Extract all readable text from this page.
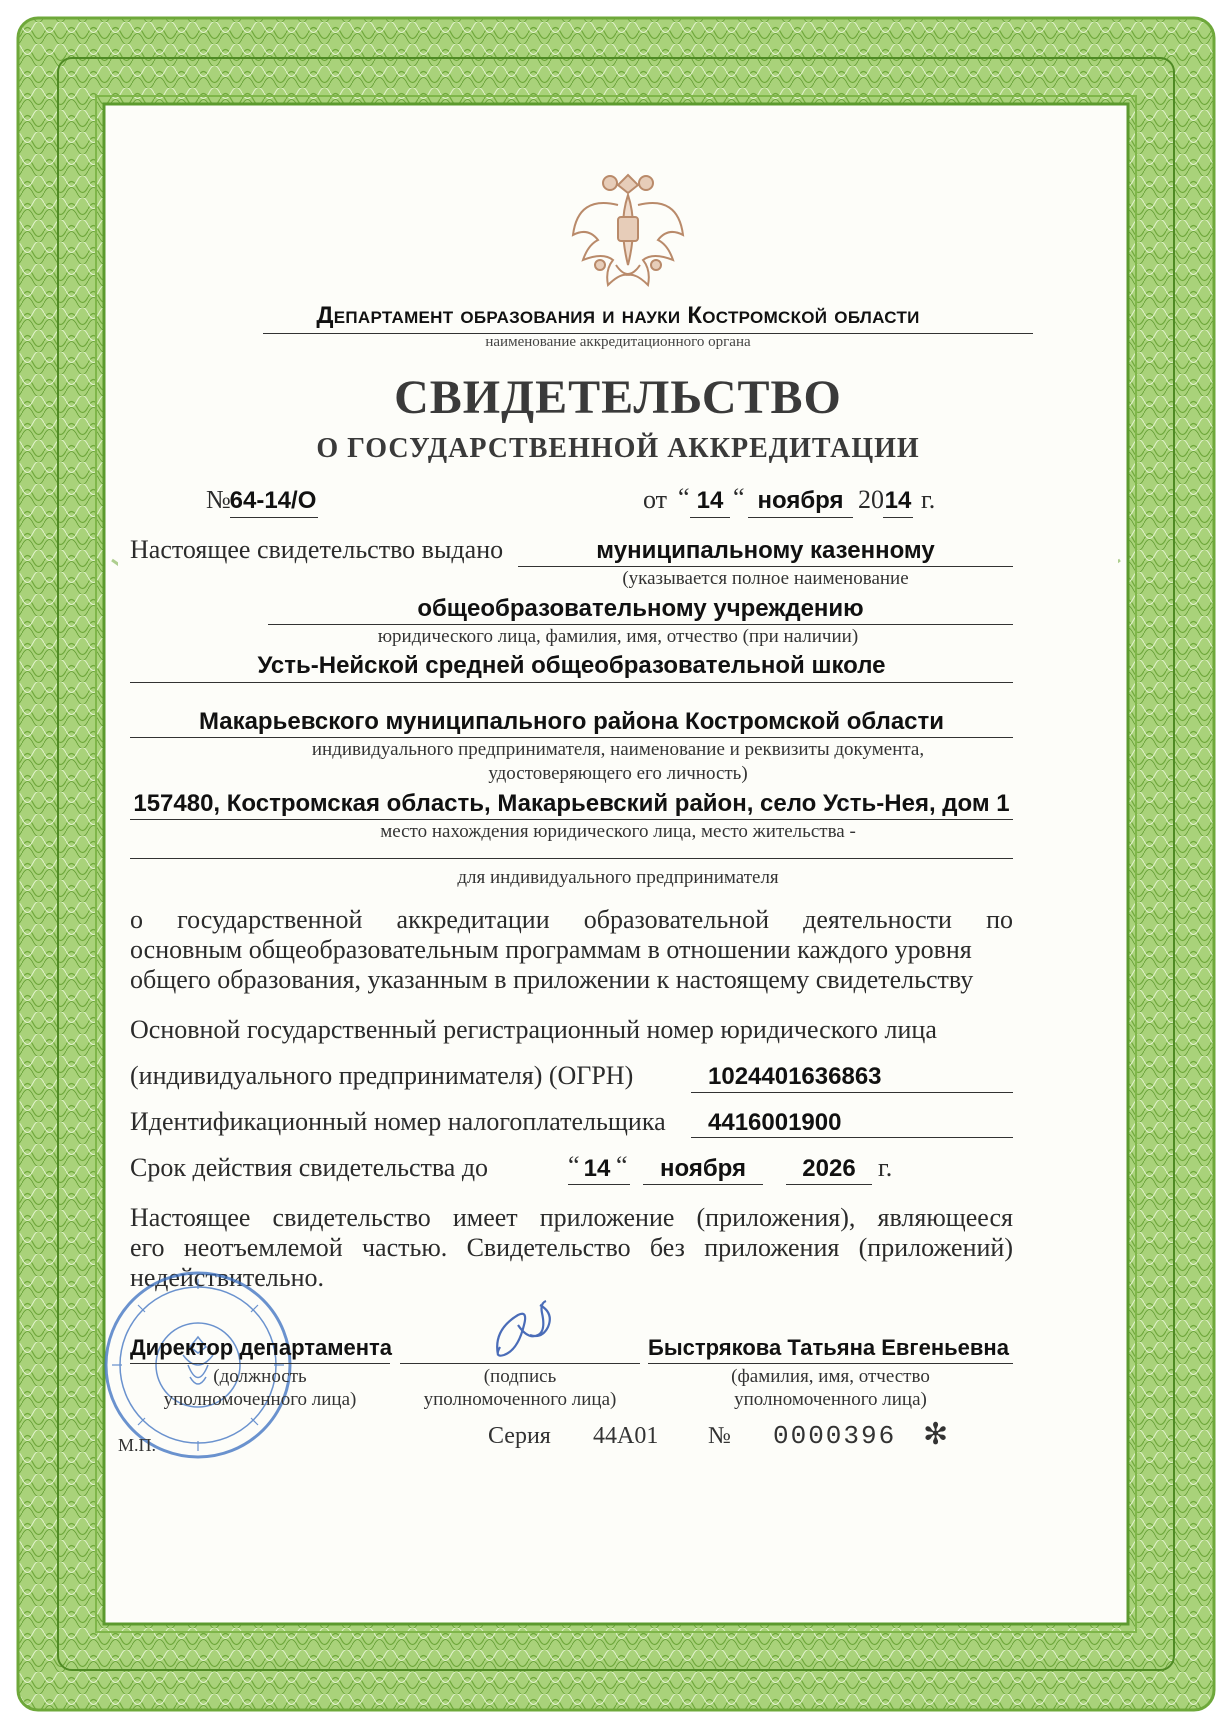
Департамент образования и науки Костромской области
наименование аккредитационного органа
СВИДЕТЕЛЬСТВО
О ГОСУДАРСТВЕННОЙ АККРЕДИТАЦИИ
№
64-14/О	от “ 14 “ ноября 20 14 г.
Настоящее свидетельство выдано	муниципальному казенному
(указывается полное наименование
общеобразовательному учреждению
юридического лица, фамилия, имя, отчество (при наличии)
Усть-Нейской средней общеобразовательной школе
Макарьевского муниципального района Костромской области
индивидуального предпринимателя, наименование и реквизиты документа,
удостоверяющего его личность)
157480, Костромская область, Макарьевский район, село Усть-Нея, дом 1
место нахождения юридического лица, место жительства -
для индивидуального предпринимателя
о государственной аккредитации образовательной деятельности по
основным общеобразовательным программам в отношении каждого уровня
общего образования, указанным в приложении к настоящему свидетельству
Основной государственный регистрационный номер юридического лица
(индивидуального предпринимателя) (ОГРН)	1024401636863
Идентификационный номер налогоплательщика 4416001900
Срок действия свидетельства до	“ 14 “	ноября	2026 г.
Настоящее свидетельство имеет приложение (приложения), являющееся
его неотъемлемой частью. Свидетельство без приложения (приложений)
недействительно.
Директор департамента
(должность
уполномоченного лица)
(подпись
уполномоченного лица)
Быстрякова Татьяна Евгеньевна
(фамилия, имя, отчество
уполномоченного лица)
М.П.	Серия 44А01 № 0000396 ✻
